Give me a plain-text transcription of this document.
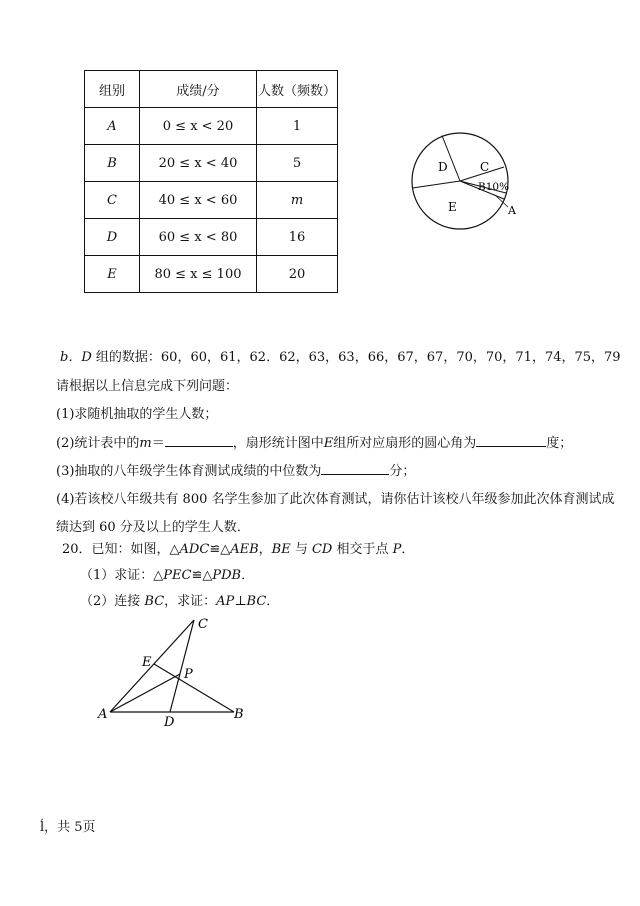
组别	成绩/分	人数（频数）
A	0 ≤ x < 20	1
B	20 ≤ x < 40	5
C	40 ≤ x < 60	m
D	60 ≤ x < 80	16
E	80 ≤ x ≤ 100	20
D	C
B10%
E	A
b．D 组的数据：60，60，61，62．62，63，63，66，67，67，70，70，71，74，75，79
请根据以上信息完成下列问题：
(1)求随机抽取的学生人数；
(2)统计表中的m＝	，扇形统计图中E组所对应扇形的圆心角为	度；
(3)抽取的八年级学生体育测试成绩的中位数为	分；
(4)若该校八年级共有 800 名学生参加了此次体育测试，请你估计该校八年级参加此次体育测试成
绩达到 60 分及以上的学生人数．
20．已知：如图，△ADC≌△AEB，BE 与 CD 相交于点 P．
（1）求证：△PEC≌△PDB．
（2）连接 BC，求证：AP⊥BC．
A	B
C
D
E
P
ĺ，共 5页
